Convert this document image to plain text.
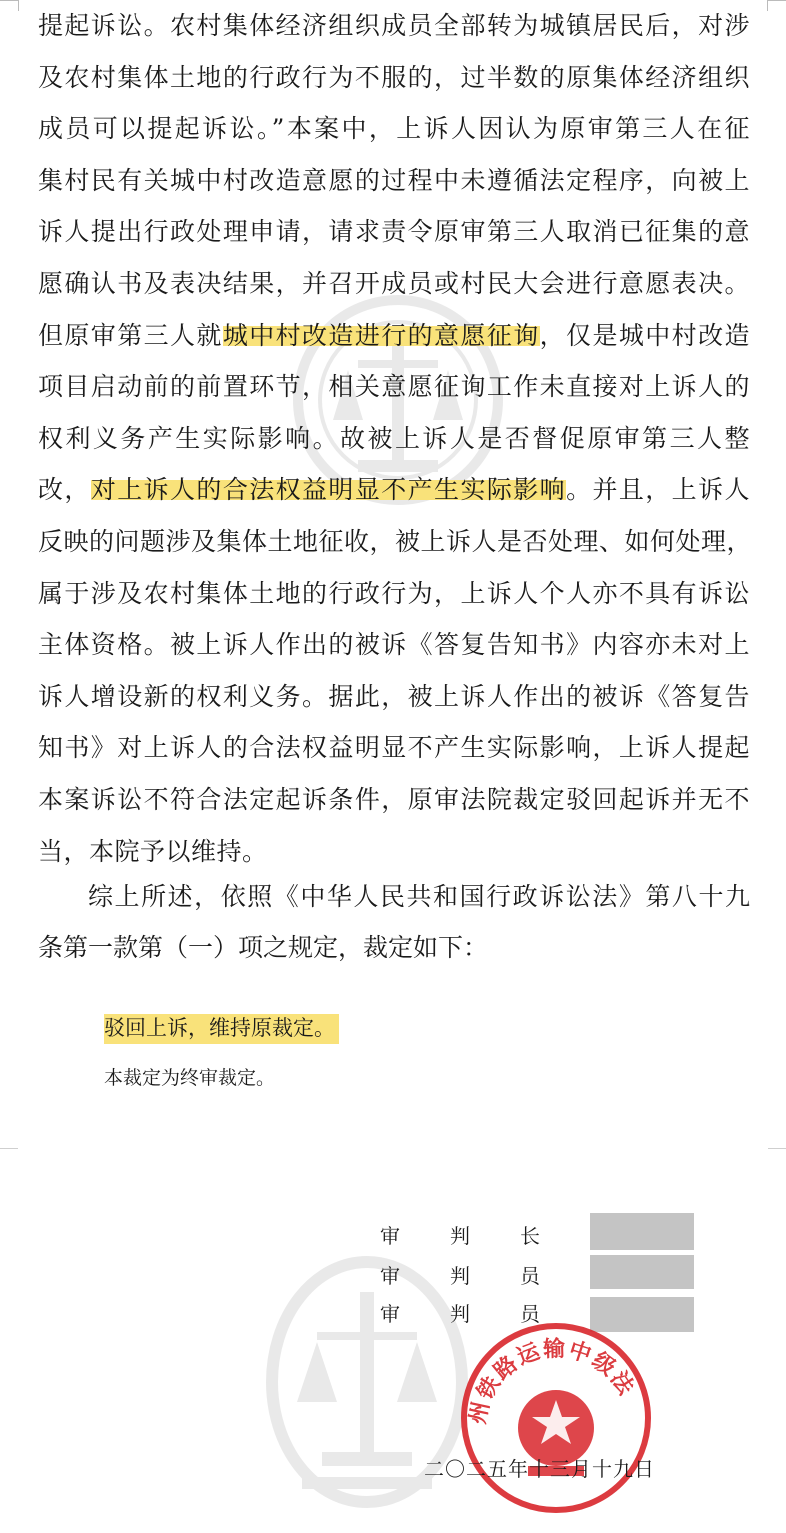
提起诉讼。农村集体经济组织成员全部转为城镇居民后，对涉
及农村集体土地的行政行为不服的，过半数的原集体经济组织
成员可以提起诉讼。”本案中，上诉人因认为原审第三人在征
集村民有关城中村改造意愿的过程中未遵循法定程序，向被上
诉人提出行政处理申请，请求责令原审第三人取消已征集的意
愿确认书及表决结果，并召开成员或村民大会进行意愿表决。
但原审第三人就城中村改造进行的意愿征询，仅是城中村改造
项目启动前的前置环节，相关意愿征询工作未直接对上诉人的
权利义务产生实际影响。故被上诉人是否督促原审第三人整
改，对上诉人的合法权益明显不产生实际影响。并且，上诉人
反映的问题涉及集体土地征收，被上诉人是否处理、如何处理，
属于涉及农村集体土地的行政行为，上诉人个人亦不具有诉讼
主体资格。被上诉人作出的被诉《答复告知书》内容亦未对上
诉人增设新的权利义务。据此，被上诉人作出的被诉《答复告
知书》对上诉人的合法权益明显不产生实际影响，上诉人提起
本案诉讼不符合法定起诉条件，原审法院裁定驳回起诉并无不
当，本院予以维持。
综上所述，依照《中华人民共和国行政诉讼法》第八十九
条第一款第（一）项之规定，裁定如下：
驳回上诉，维持原裁定。
本裁定为终审裁定。
审	判	长
审	判	员
审	判	员
州铁路运输中级法
二〇二五年十三月十九日
